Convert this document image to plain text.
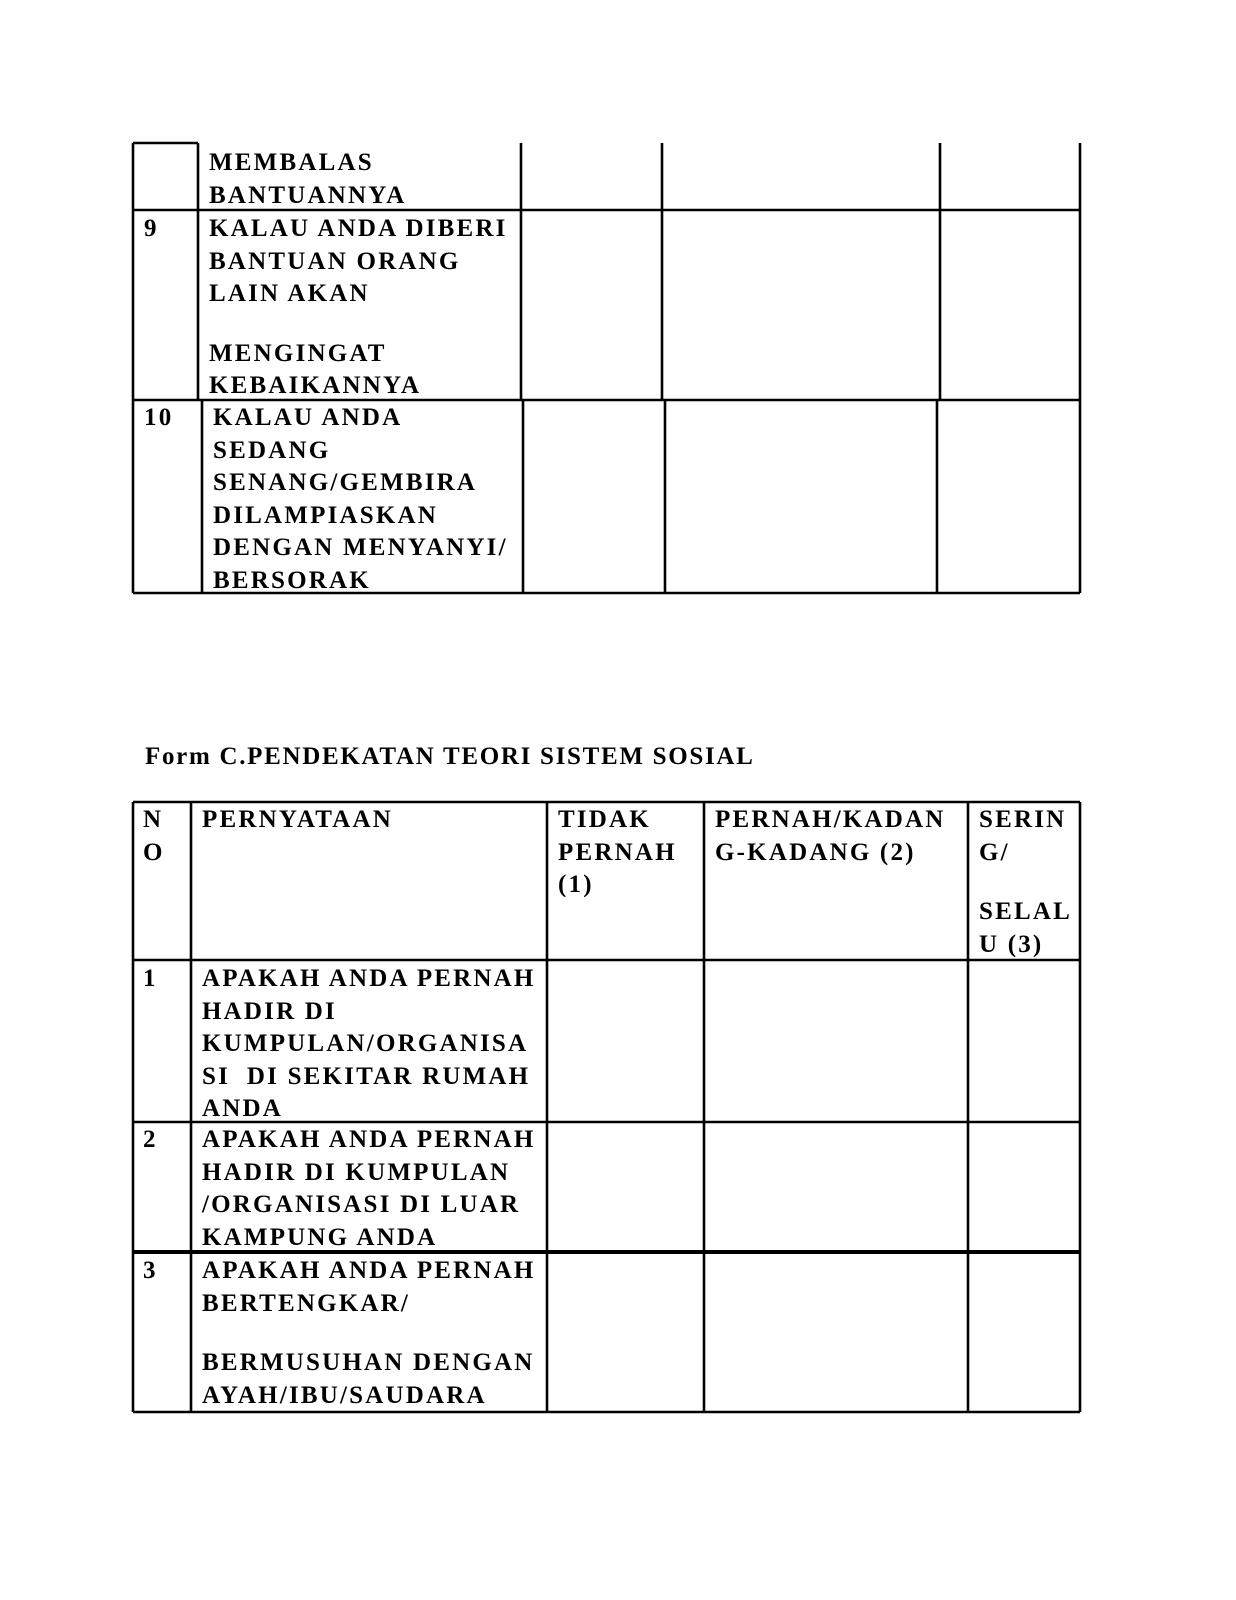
MEMBALAS
BANTUANNYA
9 KALAU ANDA DIBERI
BANTUAN ORANG
LAIN AKAN
MENGINGAT
KEBAIKANNYA
10 KALAU ANDA
SEDANG
SENANG/GEMBIRA
DILAMPIASKAN
DENGAN MENYANYI/
BERSORAK
Form C.PENDEKATAN TEORI SISTEM SOSIAL
N
O
PERNYATAAN	TIDAK
PERNAH
(1)
PERNAH/KADAN
G-KADANG (2)
SERIN
G/
SELAL
U (3)
1 APAKAH ANDA PERNAH
HADIR DI
KUMPULAN/ORGANISA
SI  DI SEKITAR RUMAH
ANDA
2 APAKAH ANDA PERNAH
HADIR DI KUMPULAN
/ORGANISASI DI LUAR
KAMPUNG ANDA
3 APAKAH ANDA PERNAH
BERTENGKAR/
BERMUSUHAN DENGAN
AYAH/IBU/SAUDARA
